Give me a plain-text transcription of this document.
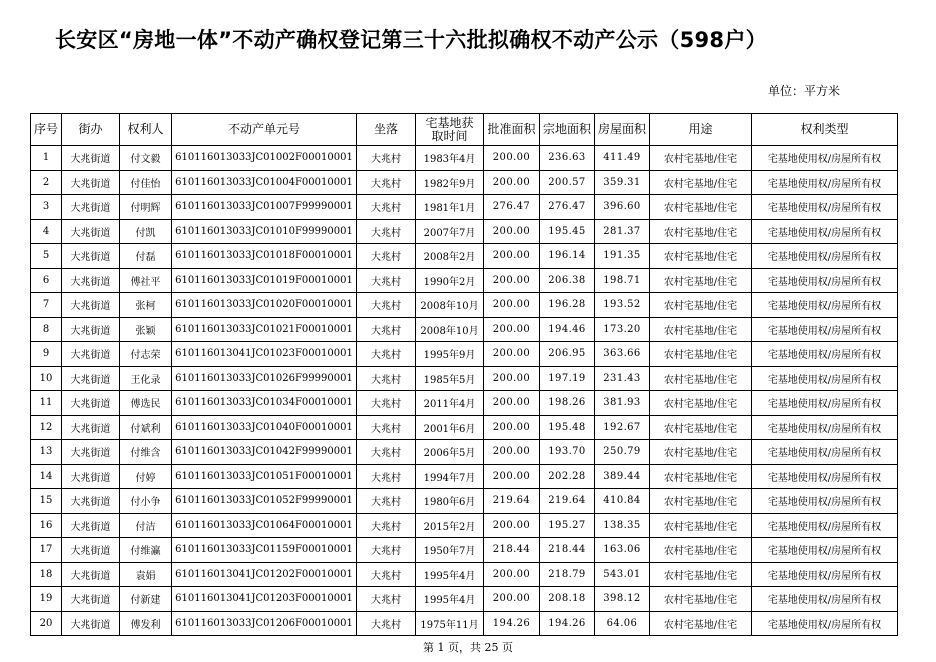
长安区“房地一体”不动产确权登记第三十六批拟确权不动产公示（598户）
单位：平方米
序号	街办	权利人	不动产单元号	坐落	宅基地获取时间	批准面积	宗地面积	房屋面积	用途	权利类型
1	大兆街道	付文毅	610116013033JC01002F00010001	大兆村	1983年4月	200.00	236.63	411.49	农村宅基地/住宅	宅基地使用权/房屋所有权
2	大兆街道	付佳怡	610116013033JC01004F00010001	大兆村	1982年9月	200.00	200.57	359.31	农村宅基地/住宅	宅基地使用权/房屋所有权
3	大兆街道	付明辉	610116013033JC01007F99990001	大兆村	1981年1月	276.47	276.47	396.60	农村宅基地/住宅	宅基地使用权/房屋所有权
4	大兆街道	付凯	610116013033JC01010F99990001	大兆村	2007年7月	200.00	195.45	281.37	农村宅基地/住宅	宅基地使用权/房屋所有权
5	大兆街道	付磊	610116013033JC01018F00010001	大兆村	2008年2月	200.00	196.14	191.35	农村宅基地/住宅	宅基地使用权/房屋所有权
6	大兆街道	傅社平	610116013033JC01019F00010001	大兆村	1990年2月	200.00	206.38	198.71	农村宅基地/住宅	宅基地使用权/房屋所有权
7	大兆街道	张柯	610116013033JC01020F00010001	大兆村	2008年10月	200.00	196.28	193.52	农村宅基地/住宅	宅基地使用权/房屋所有权
8	大兆街道	张颖	610116013033JC01021F00010001	大兆村	2008年10月	200.00	194.46	173.20	农村宅基地/住宅	宅基地使用权/房屋所有权
9	大兆街道	付志荣	610116013041JC01023F00010001	大兆村	1995年9月	200.00	206.95	363.66	农村宅基地/住宅	宅基地使用权/房屋所有权
10	大兆街道	王化录	610116013033JC01026F99990001	大兆村	1985年5月	200.00	197.19	231.43	农村宅基地/住宅	宅基地使用权/房屋所有权
11	大兆街道	傅选民	610116013033JC01034F00010001	大兆村	2011年4月	200.00	198.26	381.93	农村宅基地/住宅	宅基地使用权/房屋所有权
12	大兆街道	付斌利	610116013033JC01040F00010001	大兆村	2001年6月	200.00	195.48	192.67	农村宅基地/住宅	宅基地使用权/房屋所有权
13	大兆街道	付维含	610116013033JC01042F99990001	大兆村	2006年5月	200.00	193.70	250.79	农村宅基地/住宅	宅基地使用权/房屋所有权
14	大兆街道	付婷	610116013033JC01051F00010001	大兆村	1994年7月	200.00	202.28	389.44	农村宅基地/住宅	宅基地使用权/房屋所有权
15	大兆街道	付小争	610116013033JC01052F99990001	大兆村	1980年6月	219.64	219.64	410.84	农村宅基地/住宅	宅基地使用权/房屋所有权
16	大兆街道	付洁	610116013033JC01064F00010001	大兆村	2015年2月	200.00	195.27	138.35	农村宅基地/住宅	宅基地使用权/房屋所有权
17	大兆街道	付维瀛	610116013033JC01159F00010001	大兆村	1950年7月	218.44	218.44	163.06	农村宅基地/住宅	宅基地使用权/房屋所有权
18	大兆街道	袁娟	610116013041JC01202F00010001	大兆村	1995年4月	200.00	218.79	543.01	农村宅基地/住宅	宅基地使用权/房屋所有权
19	大兆街道	付新建	610116013041JC01203F00010001	大兆村	1995年4月	200.00	208.18	398.12	农村宅基地/住宅	宅基地使用权/房屋所有权
20	大兆街道	傅发利	610116013033JC01206F00010001	大兆村	1975年11月	194.26	194.26	64.06	农村宅基地/住宅	宅基地使用权/房屋所有权
第 1 页，共 25 页
